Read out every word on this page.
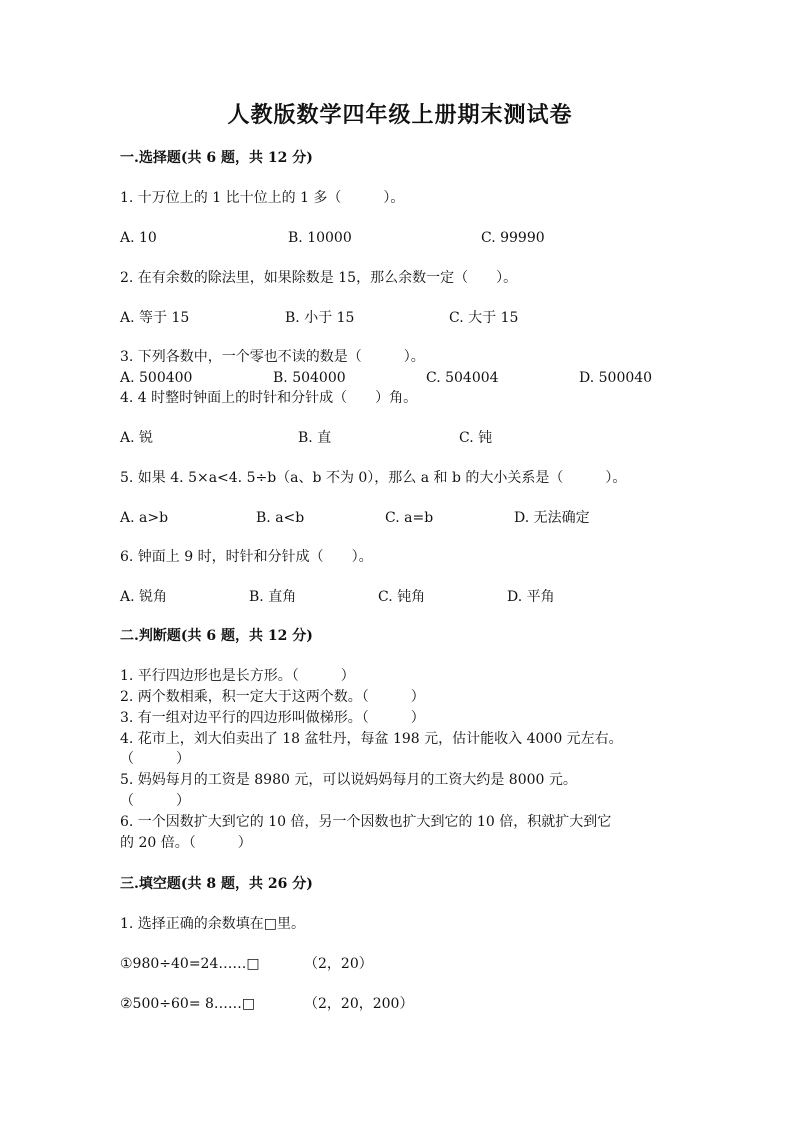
人教版数学四年级上册期末测试卷
一.选择题(共 6 题，共 12 分)
1. 十万位上的 1 比十位上的 1 多（　　　）。
A. 10	B. 10000	C. 99990
2. 在有余数的除法里，如果除数是 15，那么余数一定（　　）。
A. 等于 15	B. 小于 15	C. 大于 15
3. 下列各数中，一个零也不读的数是（　　　）。
A. 500400	B. 504000	C. 504004	D. 500040
4. 4 时整时钟面上的时针和分针成（　　）角。
A. 锐	B. 直	C. 钝
5. 如果 4. 5×a<4. 5÷b（a、b 不为 0），那么 a 和 b 的大小关系是（　　　）。
A. a>b	B. a<b	C. a=b	D. 无法确定
6. 钟面上 9 时，时针和分针成（　　）。
A. 锐角	B. 直角	C. 钝角	D. 平角
二.判断题(共 6 题，共 12 分)
1. 平行四边形也是长方形。（　　　）
2. 两个数相乘，积一定大于这两个数。（　　　）
3. 有一组对边平行的四边形叫做梯形。（　　　）
4. 花市上，刘大伯卖出了 18 盆牡丹，每盆 198 元，估计能收入 4000 元左右。
（　　　）
5. 妈妈每月的工资是 8980 元，可以说妈妈每月的工资大约是 8000 元。
（　　　）
6. 一个因数扩大到它的 10 倍，另一个因数也扩大到它的 10 倍，积就扩大到它
的 20 倍。（　　　）
三.填空题(共 8 题，共 26 分)
1. 选择正确的余数填在□里。
①980÷40=24……□	（2，20）
②500÷60= 8……□	（2，20，200）
